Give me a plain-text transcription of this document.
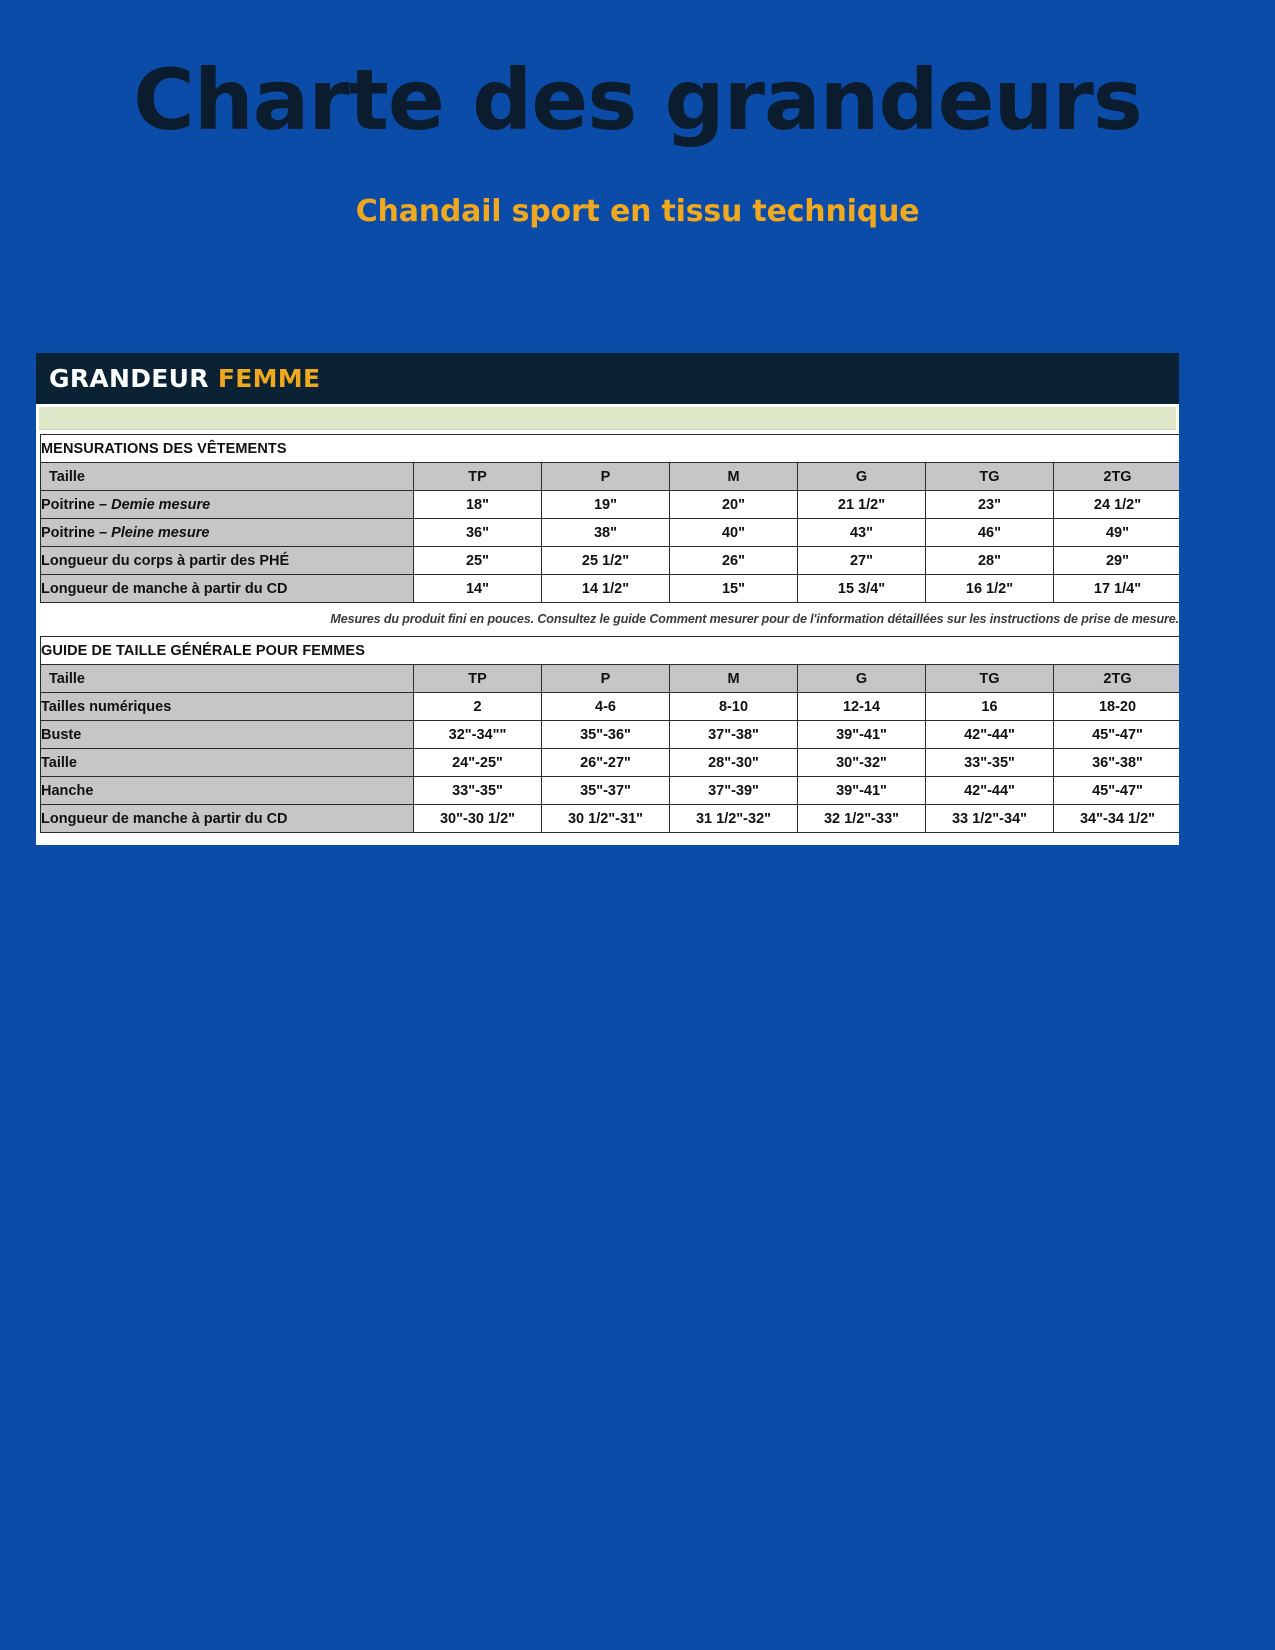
Charte des grandeurs
Chandail sport en tissu technique
GRANDEUR FEMME
MENSURATIONS DES VÊTEMENTS						
Taille	TP	P	M	G	TG	2TG
Poitrine – Demie mesure	18"	19"	20"	21 1/2"	23"	24 1/2"
Poitrine – Pleine mesure	36"	38"	40"	43"	46"	49"
Longueur du corps à partir des PHÉ	25"	25 1/2"	26"	27"	28"	29"
Longueur de manche à partir du CD	14"	14 1/2"	15"	15 3/4"	16 1/2"	17 1/4"
Mesures du produit fini en pouces. Consultez le guide Comment mesurer pour de l'information détaillées sur les instructions de prise de mesure.
GUIDE DE TAILLE GÉNÉRALE POUR FEMMES						
Taille	TP	P	M	G	TG	2TG
Tailles numériques	2	4-6	8-10	12-14	16	18-20
Buste	32"-34""	35"-36"	37"-38"	39"-41"	42"-44"	45"-47"
Taille	24"-25"	26"-27"	28"-30"	30"-32"	33"-35"	36"-38"
Hanche	33"-35"	35"-37"	37"-39"	39"-41"	42"-44"	45"-47"
Longueur de manche à partir du CD	30"-30 1/2"	30 1/2"-31"	31 1/2"-32"	32 1/2"-33"	33 1/2"-34"	34"-34 1/2"
